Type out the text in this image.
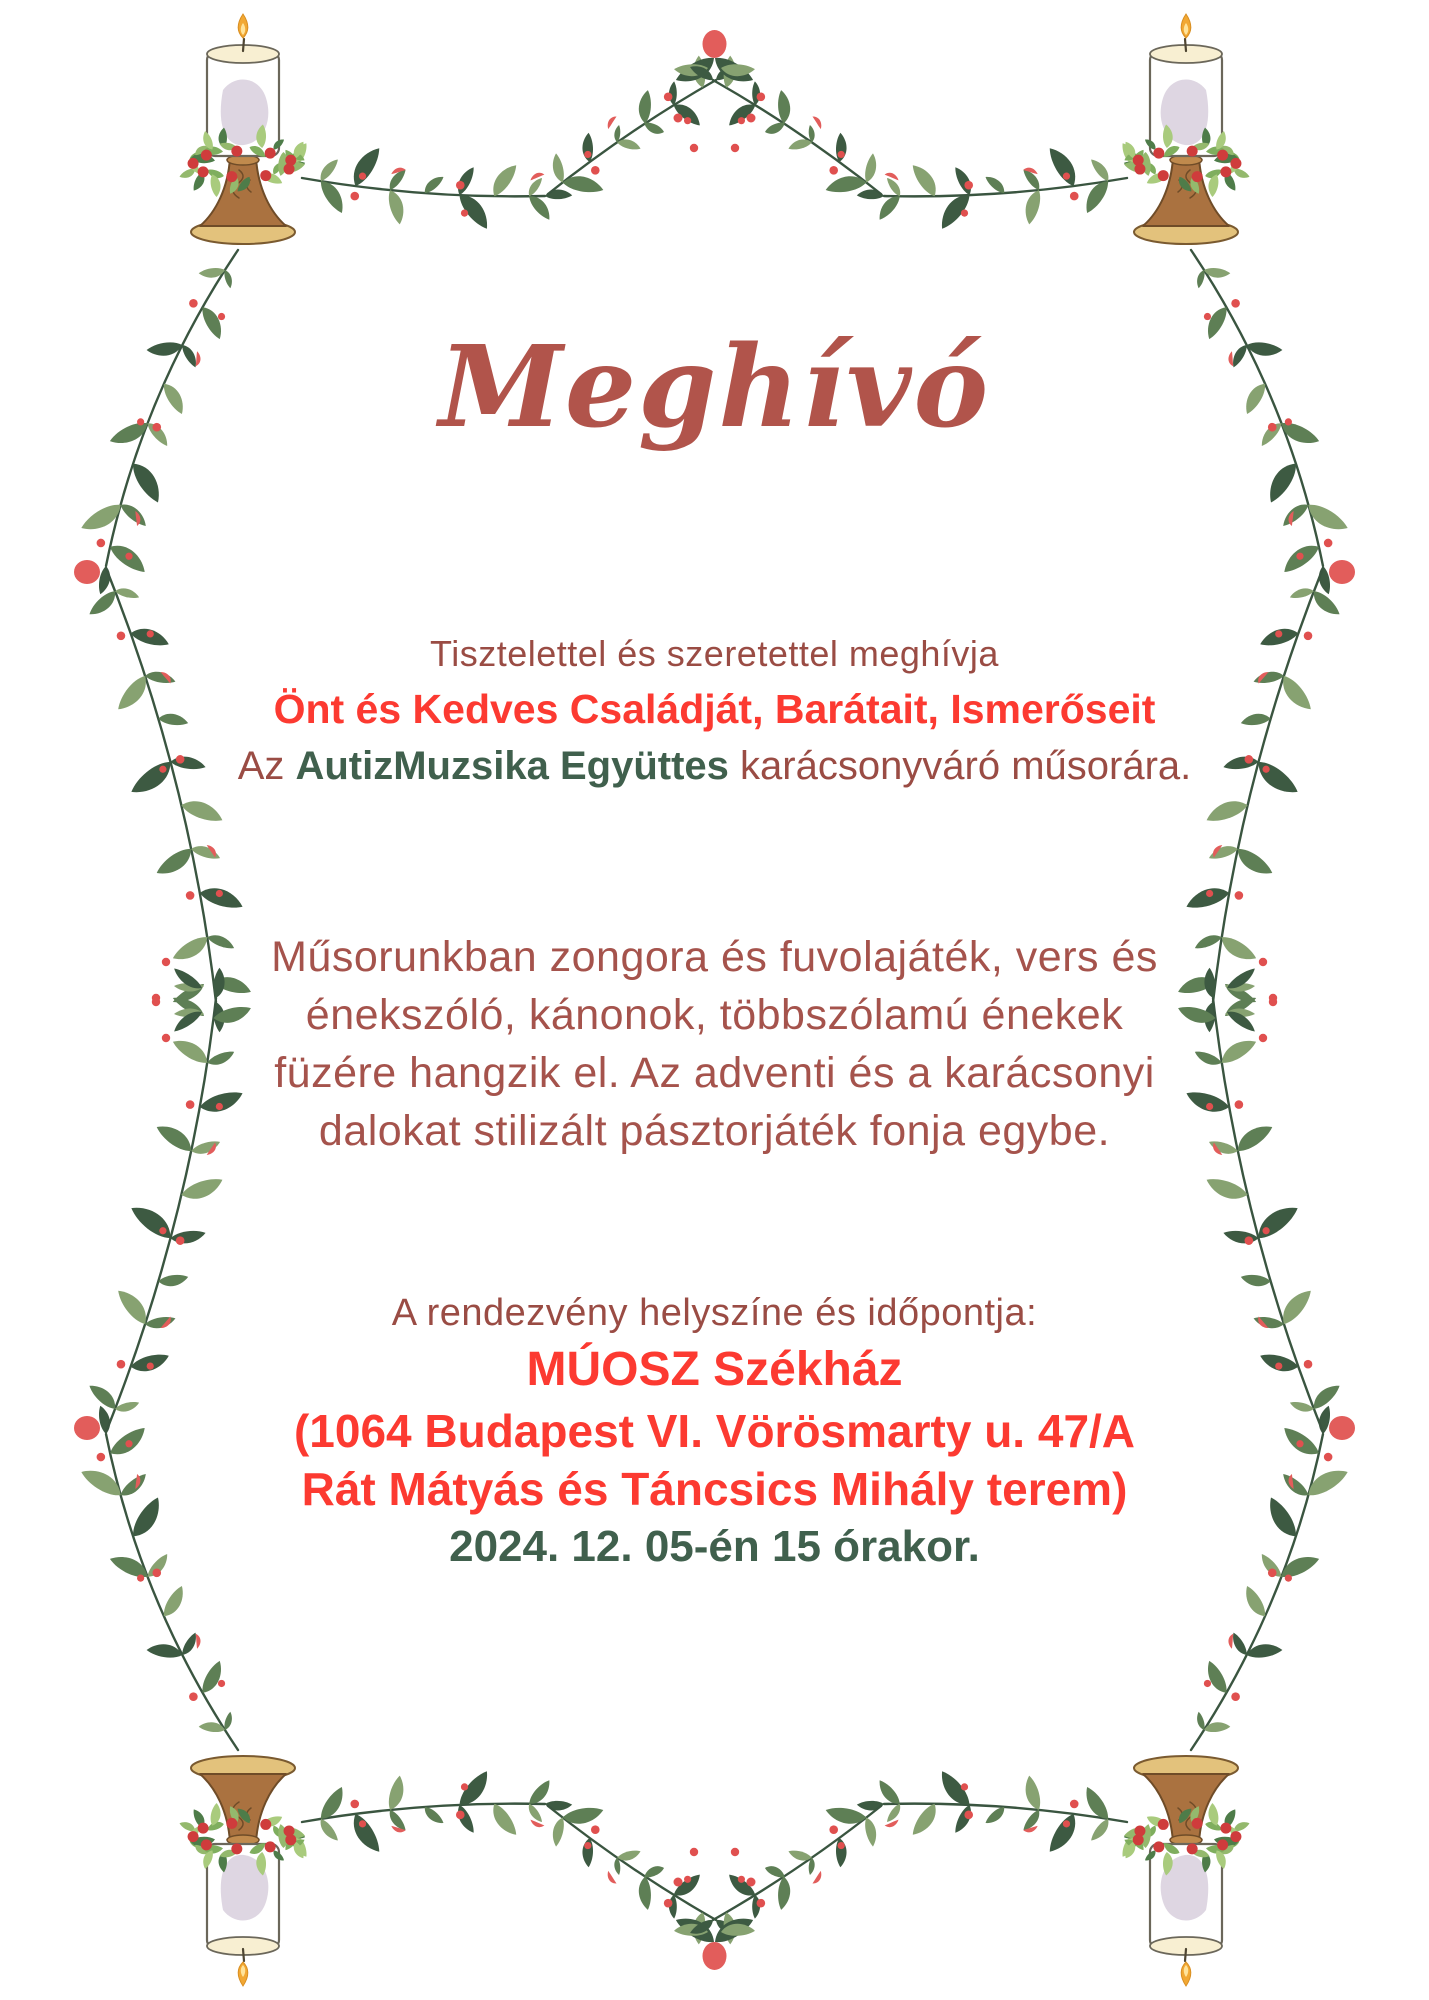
Meghívó
Tisztelettel és szeretettel meghívja
Önt és Kedves Családját, Barátait, Ismerőseit
Az AutizMuzsika Együttes karácsonyváró műsorára.
Műsorunkban zongora és fuvolajáték, vers és
énekszóló, kánonok, többszólamú énekek
füzére hangzik el. Az adventi és a karácsonyi
dalokat stilizált pásztorjáték fonja egybe.
A rendezvény helyszíne és időpontja:
MÚOSZ Székház
(1064 Budapest VI. Vörösmarty u. 47/A
Rát Mátyás és Táncsics Mihály terem)
2024. 12. 05-én 15 órakor.
